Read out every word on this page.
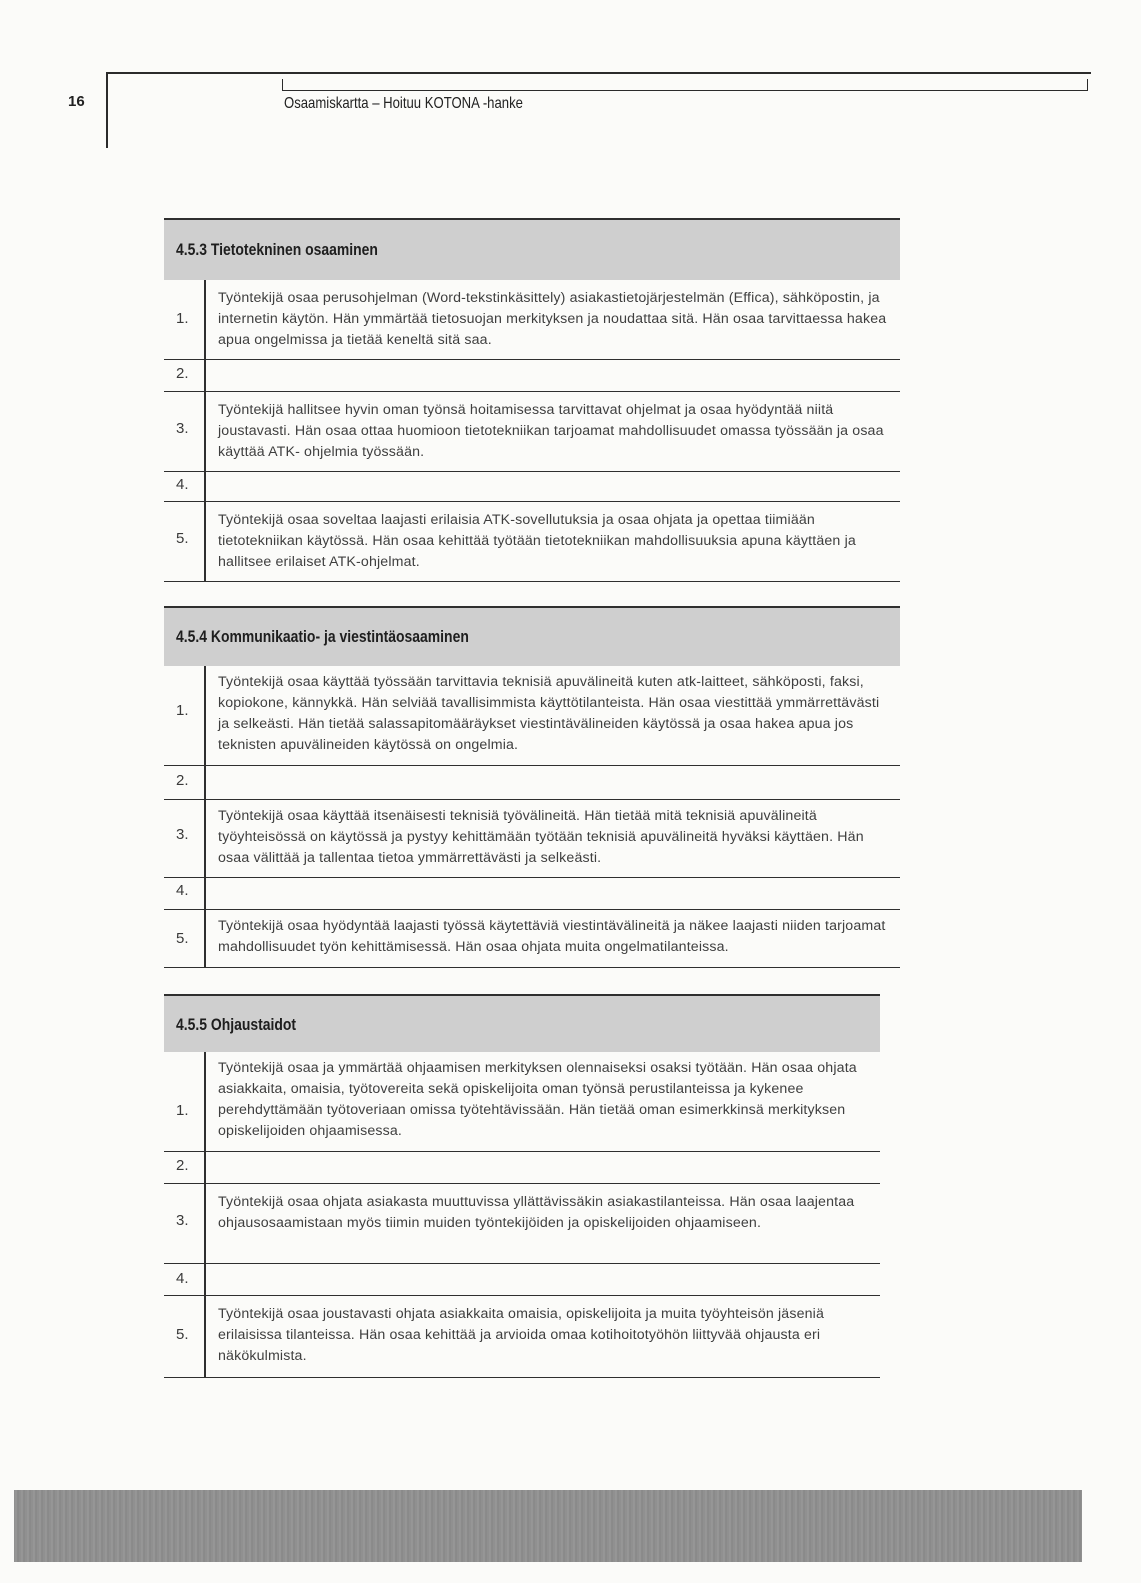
16	Osaamiskartta – Hoituu KOTONA -hanke
4.5.3 Tietotekninen osaaminen
1.
Työntekijä osaa perusohjelman (Word-tekstinkäsittely) asiakastietojärjestelmän (Effica), sähköpostin, ja internetin käytön. Hän ymmärtää tietosuojan merkityksen ja noudattaa sitä. Hän osaa tarvittaessa hakea apua ongelmissa ja tietää keneltä sitä saa.
2.
3.
Työntekijä hallitsee hyvin oman työnsä hoitamisessa tarvittavat ohjelmat ja osaa hyödyntää niitä joustavasti. Hän osaa ottaa huomioon tietotekniikan tarjoamat mahdollisuudet omassa työssään ja osaa käyttää ATK- ohjelmia työssään.
4.
5.
Työntekijä osaa soveltaa laajasti erilaisia ATK-sovellutuksia ja osaa ohjata ja opettaa tiimiään tietotekniikan käytössä. Hän osaa kehittää työtään tietotekniikan mahdollisuuksia apuna käyttäen ja hallitsee erilaiset ATK-ohjelmat.
4.5.4 Kommunikaatio- ja viestintäosaaminen
1.
Työntekijä osaa käyttää työssään tarvittavia teknisiä apuvälineitä kuten atk-laitteet, sähköposti, faksi, kopiokone, kännykkä. Hän selviää tavallisimmista käyttötilanteista. Hän osaa viestittää ymmärrettävästi ja selkeästi. Hän tietää salassapitomääräykset viestintävälineiden käytössä ja osaa hakea apua jos teknisten apuvälineiden käytössä on ongelmia.
2.
3.
Työntekijä osaa käyttää itsenäisesti teknisiä työvälineitä. Hän tietää mitä teknisiä apuvälineitä työyhteisössä on käytössä ja pystyy kehittämään työtään teknisiä apuvälineitä hyväksi käyttäen. Hän osaa välittää ja tallentaa tietoa ymmärrettävästi ja selkeästi.
4.
5.
Työntekijä osaa hyödyntää laajasti työssä käytettäviä viestintävälineitä ja näkee laajasti niiden tarjoamat mahdollisuudet työn kehittämisessä. Hän osaa ohjata muita ongelmatilanteissa.
4.5.5 Ohjaustaidot
1.
Työntekijä osaa ja ymmärtää ohjaamisen merkityksen olennaiseksi osaksi työtään. Hän osaa ohjata asiakkaita, omaisia, työtovereita sekä opiskelijoita oman työnsä perustilanteissa ja kykenee perehdyttämään työtoveriaan omissa työtehtävissään. Hän tietää oman esimerkkinsä merkityksen opiskelijoiden ohjaamisessa.
2.
3.
Työntekijä osaa ohjata asiakasta muuttuvissa yllättävissäkin asiakastilanteissa. Hän osaa laajentaa ohjausosaamistaan myös tiimin muiden työntekijöiden ja opiskelijoiden ohjaamiseen.
4.
5.
Työntekijä osaa joustavasti ohjata asiakkaita omaisia, opiskelijoita ja muita työyhteisön jäseniä erilaisissa tilanteissa. Hän osaa kehittää ja arvioida omaa kotihoitotyöhön liittyvää ohjausta eri näkökulmista.
